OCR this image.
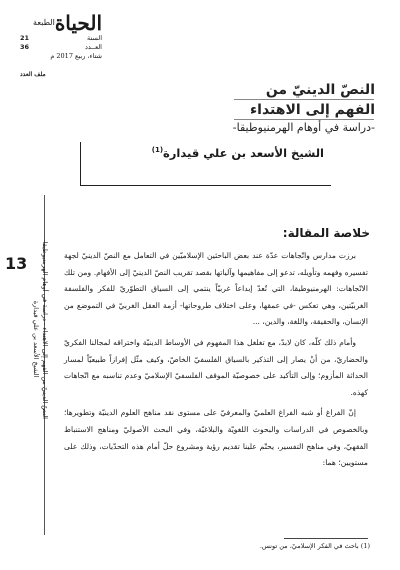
الحياة$^{الطبعة}$
السنة
21
العــدد
36
شتاء، ربيع 2017 م
ملف العدد
النصّ الدينيّ من
الفهم إلى الاهتداء
-دراسة في أوهام الهرمنيوطيقا-
الشيخ الأسعد بن علي قيدارة$^{(1)}$
13 النصّ الدينيّ من الفهم إلى الاهتداء - دراسة في أوهام الهرمنيوطيقا-
الشيخ الأسعد بن علي قيدارة
خلاصة المقالة:

برزت مدارس واتّجاهات عدّة عند بعض الباحثين الإسلاميّين في التعامل مع النصّ الدينيّ لجهة تفسيره وفهمه وتأويله، تدعو إلى مفاهيمها وآلياتها بقصد تقريب النصّ الدينيّ إلى الأفهام. ومن تلك الاتّجاهات: الهرمنيوطيقا، التي تُعدّ إبداعاً غربيّاً ينتمي إلى السياق التطوّريّ للفكر والفلسفة الغربيّتين، وهي تعكس -في عمقها، وعلى اختلاف طروحاتها- أزمة العقل الغربيّ في التموضع من الإنسان، والحقيقة، واللغة، والدين، ...

وأمام ذلك كلّه، كان لابدّ، مع تغلغل هذا المفهوم في الأوساط الدينيّة واختراقه لمجالنا الفكريّ والحضاريّ، من أنْ يصار إلى التذكير بالسياق الفلسفيّ الخاصّ، وكيف مثّل إفرازاً طبيعيّاً لمسار الحداثة المأزوم؛ وإلى التأكيد على خصوصيّة الموقف الفلسفيّ الإسلاميّ وعدم تناسبه مع اتّجاهات كهذه.

إنّ الفراغ أو شبه الفراغ العلميّ والمعرفيّ على مستوى نقد مناهج العلوم الدينيّة وتطويرها؛ وبالخصوص في الدراسات والبحوث اللغويّة والبلاغيّة، وفي البحث الأصوليّ ومناهج الاستنباط الفقهيّ، وفي مناهج التفسير، يحتّم علينا تقديم رؤية ومشروع حلّ أمام هذه التحدّيات، وذلك على مستويين؛ هما:

(1) باحث في الفكر الإسلاميّ، من تونس.
